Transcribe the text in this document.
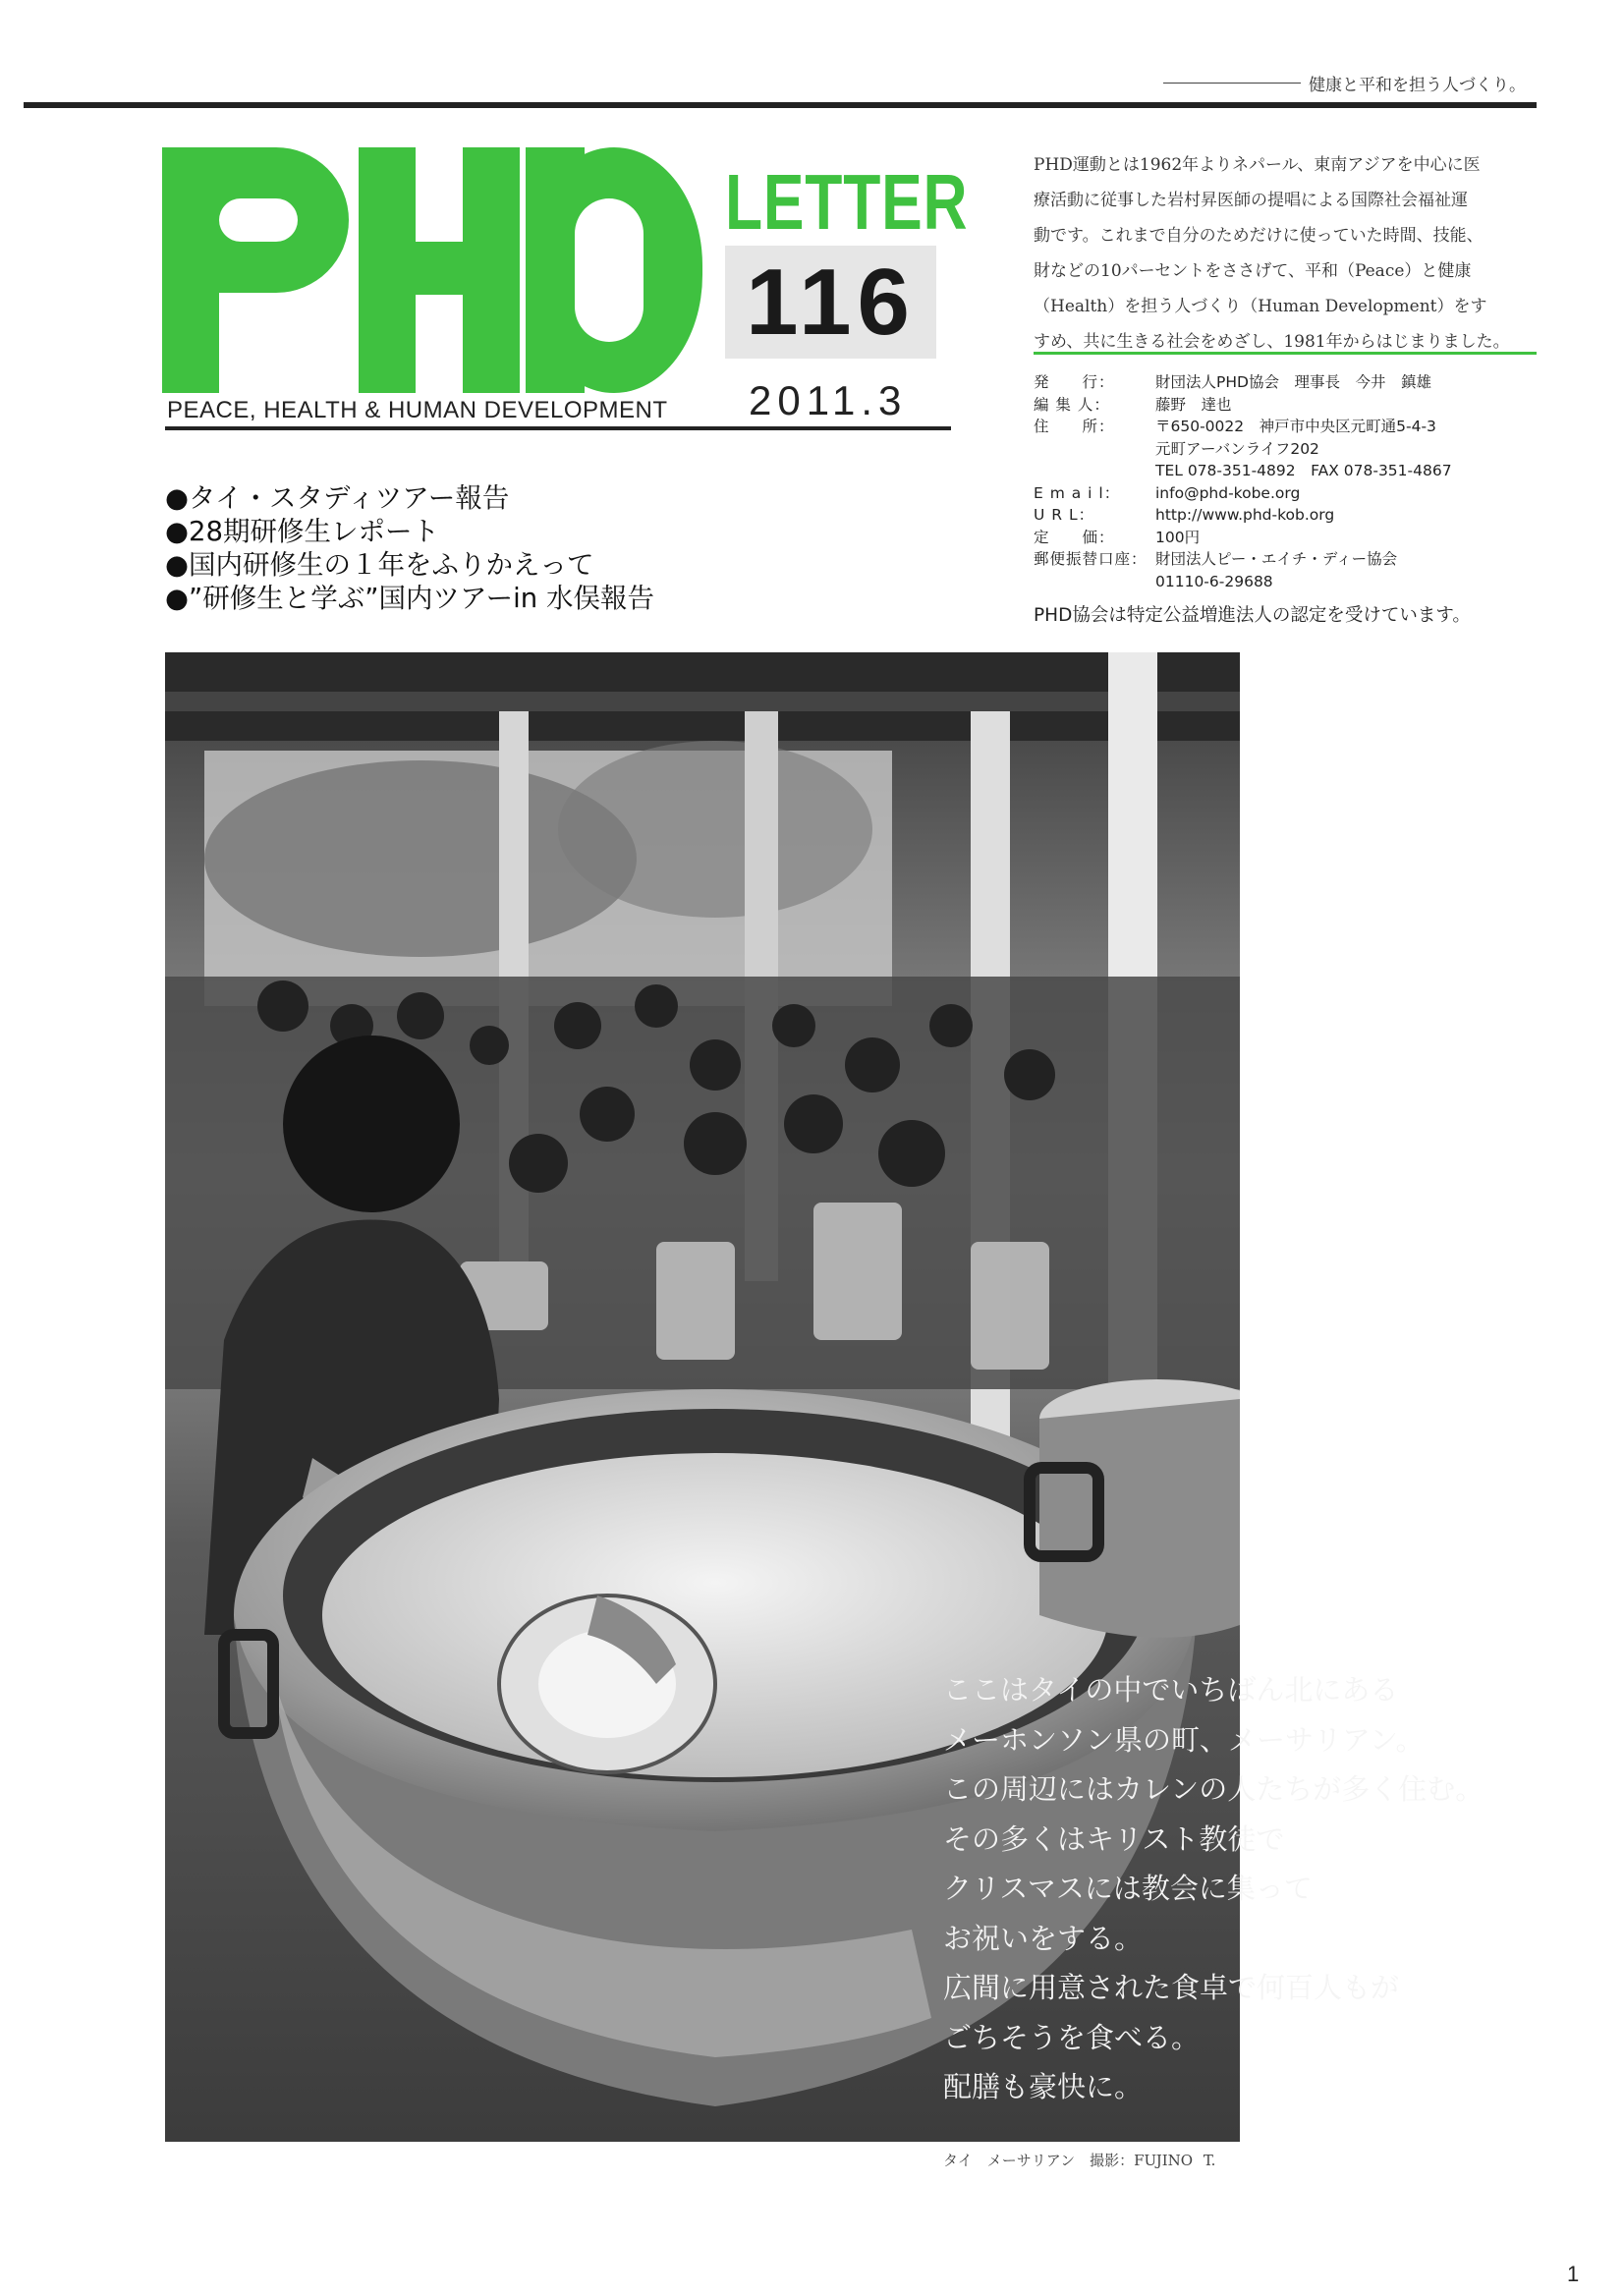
健康と平和を担う人づくり。
LETTER
116
PEACE, HEALTH & HUMAN DEVELOPMENT 2011.3
PHD運動とは1962年よりネパール、東南アジアを中心に医
療活動に従事した岩村昇医師の提唱による国際社会福祉運
動です。これまで自分のためだけに使っていた時間、技能、
財などの10パーセントをささげて、平和（Peace）と健康
（Health）を担う人づくり（Human Development）をす
すめ、共に生きる社会をめざし、1981年からはじまりました。
発　　行：	財団法人PHD協会　理事長　今井　鎮雄
編 集 人：	藤野　達也
住　　所：	〒650-0022　神戸市中央区元町通5-4-3
元町アーバンライフ202
TEL 078-351-4892　FAX 078-351-4867
E m a i l：	info@phd-kobe.org
U R L：	http://www.phd-kob.org
定　　価：	100円
郵便振替口座： 財団法人ピー・エイチ・ディー協会
01110-6-29688
PHD協会は特定公益増進法人の認定を受けています。
●タイ・スタディツアー報告
●28期研修生レポート
●国内研修生の１年をふりかえって
●”研修生と学ぶ”国内ツアーin 水俣報告
ここはタイの中でいちばん北にある
メーホンソン県の町、メーサリアン。
この周辺にはカレンの人たちが多く住む。
その多くはキリスト教徒で
クリスマスには教会に集って
お祝いをする。
広間に用意された食卓で何百人もが
ごちそうを食べる。
配膳も豪快に。
タイ　メーサリアン　撮影：FUJINO T.
1
